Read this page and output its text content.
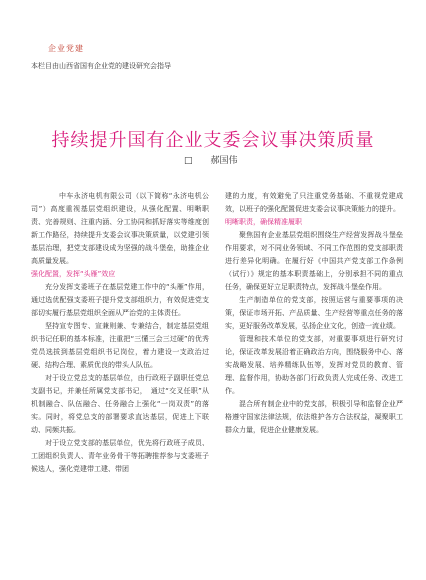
企业党建
本栏目由山西省国有企业党的建设研究会指导
持续提升国有企业支委会议事决策质量
□　　郝国伟

中车永济电机有限公司（以下简称“永济电机公司”）高度重视基层党组织建设，从强化配置、明晰职责、完善规则、注重内涵、分工协同和抓好落实等维度创新工作路径，持续提升支委会议事决策质量，以党建引领基层治理，把党支部建设成为坚强的战斗堡垒，助推企业高质量发展。

强化配置，发挥“头雁”效应

充分发挥支委班子在基层党建工作中的“头雁”作用，通过选优配强支委班子提升党支部组织力，有效促进党支部切实履行基层党组织全面从严治党的主体责任。

坚持宣专图专、宣兼则兼、专兼结合，制定基层党组织书记任职的基本标准，注重把“三懂三会三过硬”的优秀党员选拔到基层党组织书记岗位，着力建设一支政治过硬、结构合理、素质优良的带头人队伍。

对于设立党总支的基层单位，由行政班子副职任党总支副书记，并兼任所属党支部书记，　通过“交叉任职”从机制融合、队伍融合、任务融合上强化“一岗双责”的落实。同时，将党总支的部署要求直达基层，促进上下联动、同频共振。

对于设立党支部的基层单位，优先将行政班子成员、工团组织负责人、青年业务骨干等拓聘推荐参与支委班子候选人，强化党建带工建、带团

建的力度，有效避免了只注重党务基础、不重视党建成效，以班子的强化配置促进支委会议事决策能力的提升。

明晰职责，确保精准履职

聚焦国有企业基层党组织围绕生产经营发挥战斗堡垒作用要求，对不同业务领域、不同工作范围的党支部职责进行差异化明确。在履行好《中国共产党支部工作条例（试行）》规定的基本职责基础上，分别承担不同的重点任务，确保更好立足职责特点，发挥战斗堡垒作用。

生产制造单位的党支部，按照运营与重要事项的决策，保证市场开拓、产品质量、生产经营等重点任务的落实，更好服务改革发展，弘扬企业文化，创造一流业绩。

管理和技术单位的党支部，对重要事项进行研究讨论，保证改革发展沿着正确政治方向，围绕服务中心、落实战略发展、培养精练队伍等，发挥对党员的教育、管理、监督作用，协助各部门行政负责人完成任务、改进工作。

混合所有制企业中的党支部，积极引导和监督企业严格遵守国家法律法规，依法维护各方合法权益，凝聚职工群众力量，促进企业健康发展。
